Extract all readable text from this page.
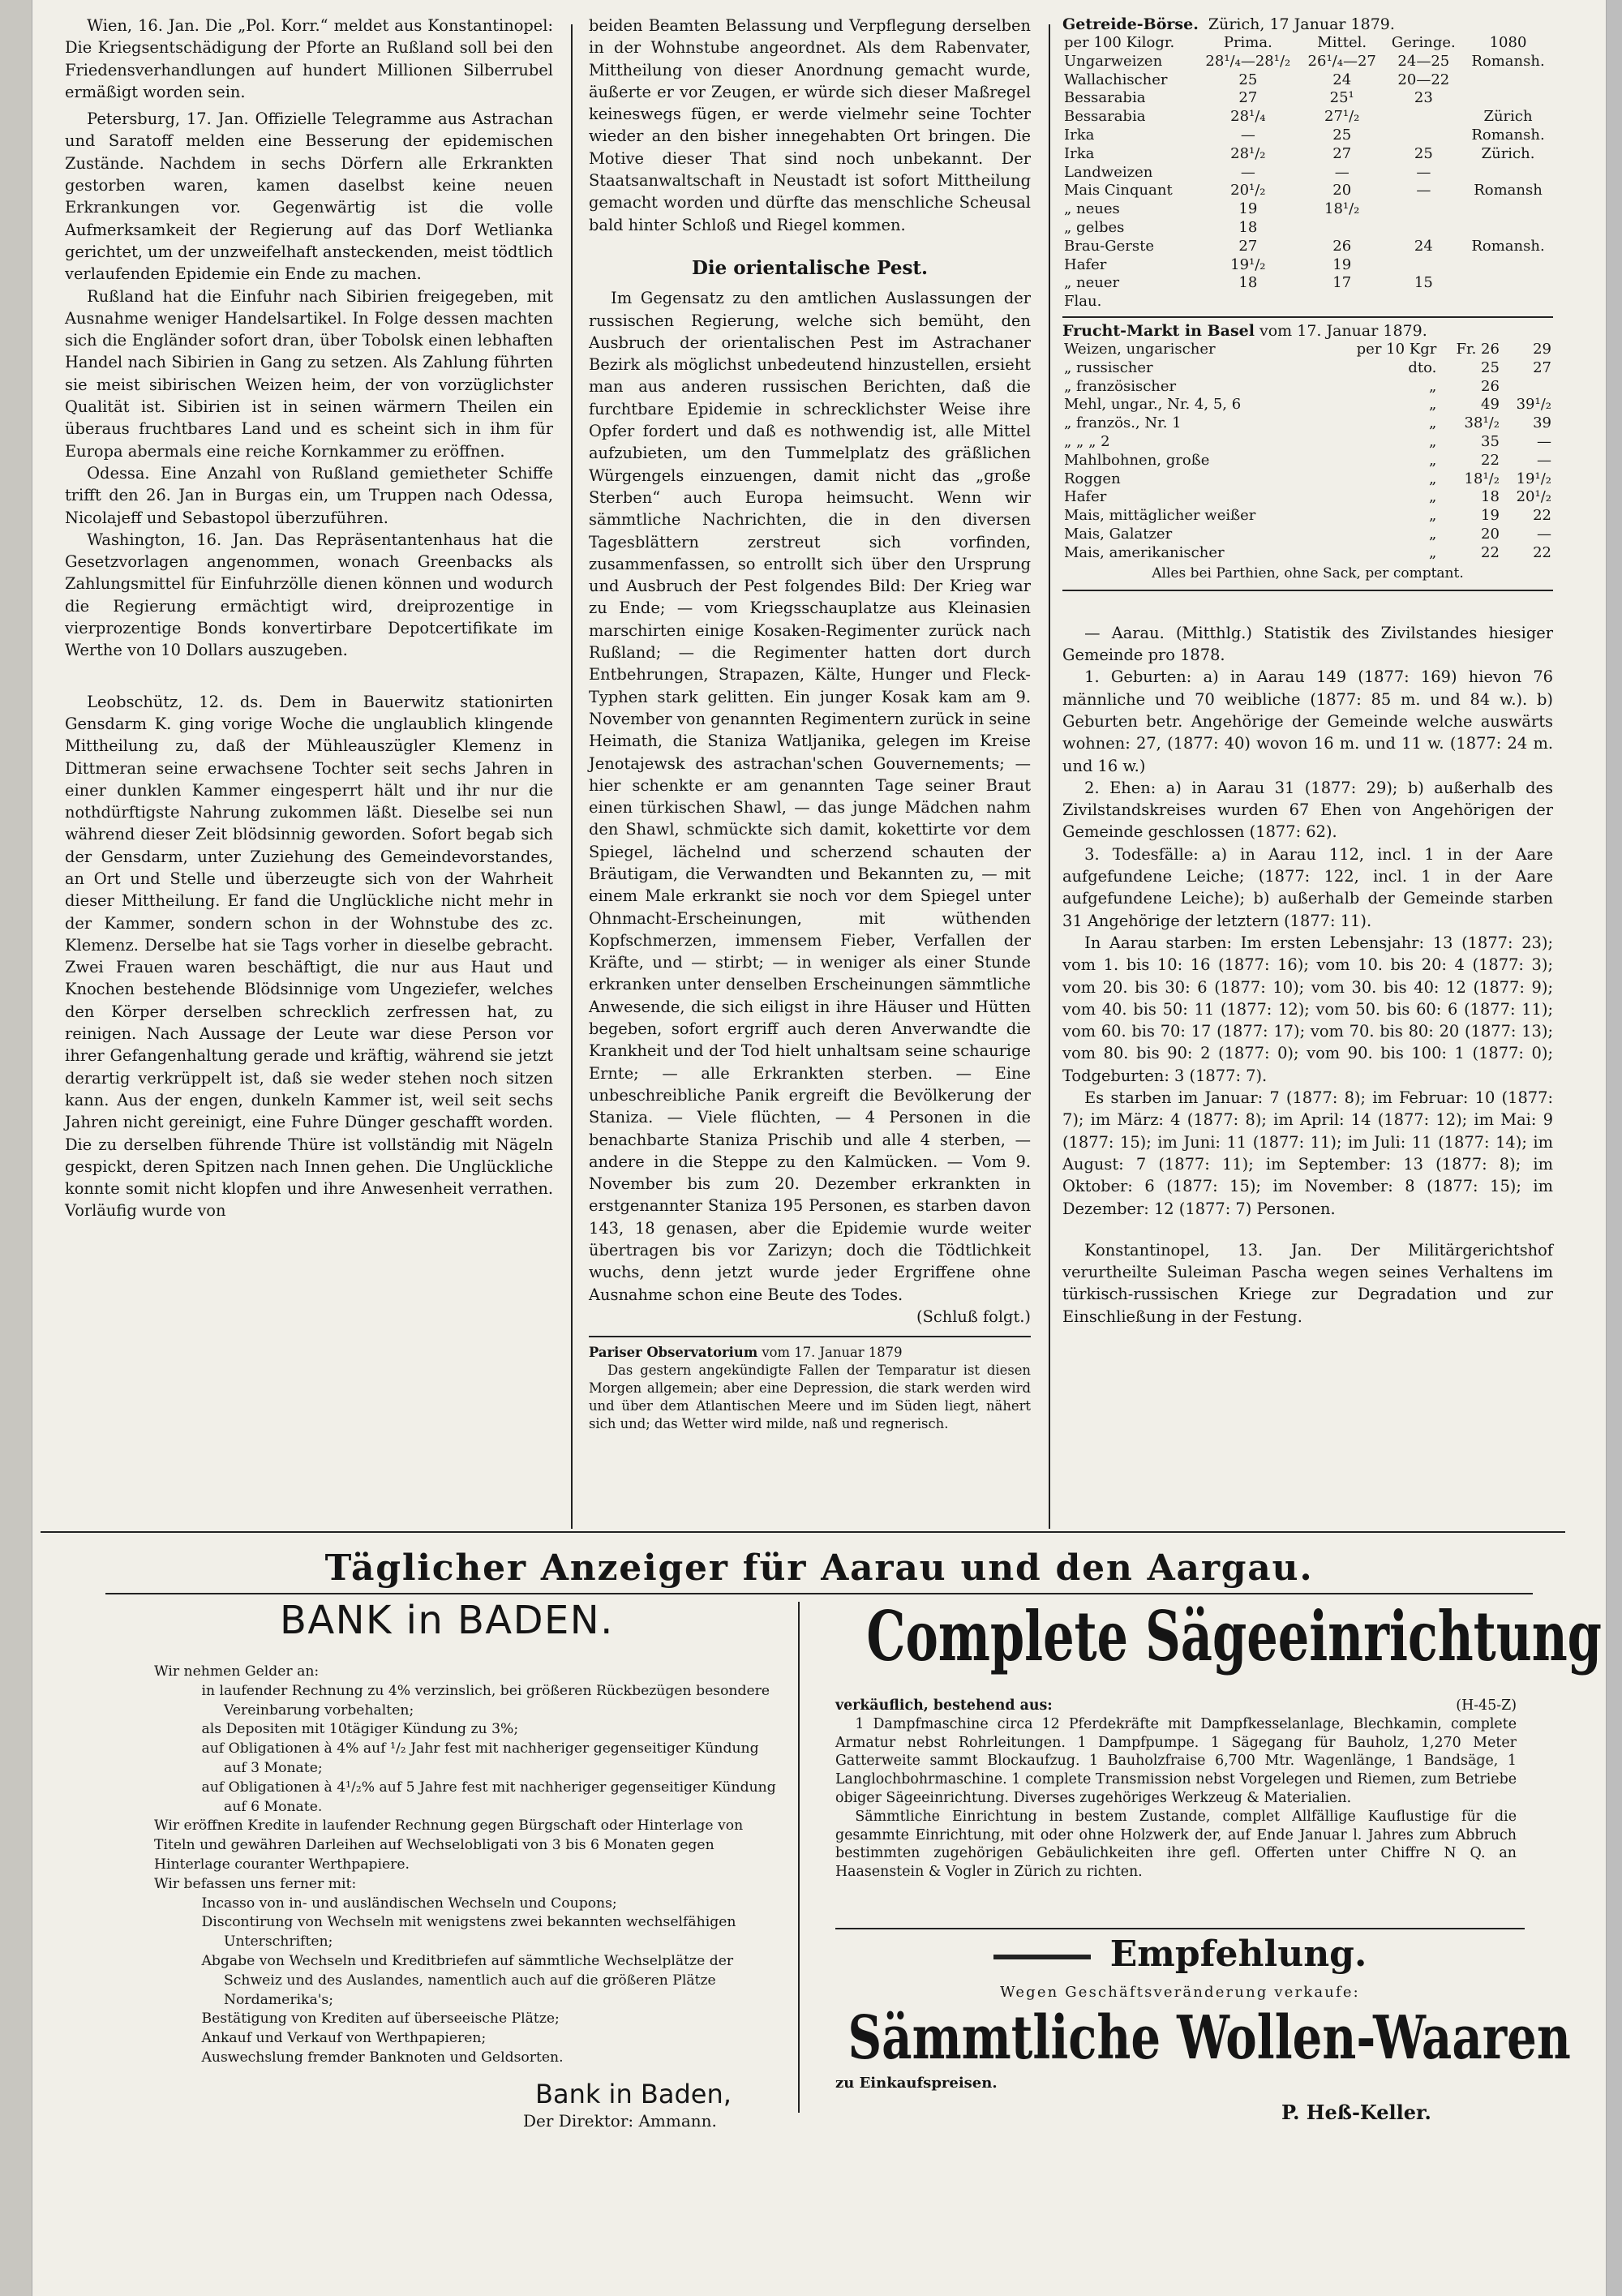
Wien, 16. Jan. Die „Pol. Korr.“ meldet aus Konstantinopel: Die Kriegsentschädigung der Pforte an Rußland soll bei den Friedensverhandlungen auf hundert Millionen Silberrubel ermäßigt worden sein.

Petersburg, 17. Jan. Offizielle Telegramme aus Astrachan und Saratoff melden eine Besserung der epidemischen Zustände. Nachdem in sechs Dörfern alle Erkrankten gestorben waren, kamen daselbst keine neuen Erkrankungen vor. Gegenwärtig ist die volle Aufmerksamkeit der Regierung auf das Dorf Wetlianka gerichtet, um der unzweifelhaft ansteckenden, meist tödtlich verlaufenden Epidemie ein Ende zu machen.

Rußland hat die Einfuhr nach Sibirien freigegeben, mit Ausnahme weniger Handelsartikel. In Folge dessen machten sich die Engländer sofort dran, über Tobolsk einen lebhaften Handel nach Sibirien in Gang zu setzen. Als Zahlung führten sie meist sibirischen Weizen heim, der von vorzüglichster Qualität ist. Sibirien ist in seinen wärmern Theilen ein überaus fruchtbares Land und es scheint sich in ihm für Europa abermals eine reiche Kornkammer zu eröffnen.

Odessa. Eine Anzahl von Rußland gemietheter Schiffe trifft den 26. Jan in Burgas ein, um Truppen nach Odessa, Nicolajeff und Sebastopol überzuführen.

Washington, 16. Jan. Das Repräsentantenhaus hat die Gesetzvorlagen angenommen, wonach Greenbacks als Zahlungsmittel für Einfuhrzölle dienen können und wodurch die Regierung ermächtigt wird, dreiprozentige in vierprozentige Bonds konvertirbare Depotcertifikate im Werthe von 10 Dollars auszugeben.

Leobschütz, 12. ds. Dem in Bauerwitz stationirten Gensdarm K. ging vorige Woche die unglaublich klingende Mittheilung zu, daß der Mühleauszügler Klemenz in Dittmeran seine erwachsene Tochter seit sechs Jahren in einer dunklen Kammer eingesperrt hält und ihr nur die nothdürftigste Nahrung zukommen läßt. Dieselbe sei nun während dieser Zeit blödsinnig geworden. Sofort begab sich der Gensdarm, unter Zuziehung des Gemeindevorstandes, an Ort und Stelle und überzeugte sich von der Wahrheit dieser Mittheilung. Er fand die Unglückliche nicht mehr in der Kammer, sondern schon in der Wohnstube des zc. Klemenz. Derselbe hat sie Tags vorher in dieselbe gebracht. Zwei Frauen waren beschäftigt, die nur aus Haut und Knochen bestehende Blödsinnige vom Ungeziefer, welches den Körper derselben schrecklich zerfressen hat, zu reinigen. Nach Aussage der Leute war diese Person vor ihrer Gefangenhaltung gerade und kräftig, während sie jetzt derartig verkrüppelt ist, daß sie weder stehen noch sitzen kann. Aus der engen, dunkeln Kammer ist, weil seit sechs Jahren nicht gereinigt, eine Fuhre Dünger geschafft worden. Die zu derselben führende Thüre ist vollständig mit Nägeln gespickt, deren Spitzen nach Innen gehen. Die Unglückliche konnte somit nicht klopfen und ihre Anwesenheit verrathen. Vorläufig wurde von

beiden Beamten Belassung und Verpflegung derselben in der Wohnstube angeordnet. Als dem Rabenvater, Mittheilung von dieser Anordnung gemacht wurde, äußerte er vor Zeugen, er würde sich dieser Maßregel keineswegs fügen, er werde vielmehr seine Tochter wieder an den bisher innegehabten Ort bringen. Die Motive dieser That sind noch unbekannt. Der Staatsanwaltschaft in Neustadt ist sofort Mittheilung gemacht worden und dürfte das menschliche Scheusal bald hinter Schloß und Riegel kommen.

Die orientalische Pest.

Im Gegensatz zu den amtlichen Auslassungen der russischen Regierung, welche sich bemüht, den Ausbruch der orientalischen Pest im Astrachaner Bezirk als möglichst unbedeutend hinzustellen, ersieht man aus anderen russischen Berichten, daß die furchtbare Epidemie in schrecklichster Weise ihre Opfer fordert und daß es nothwendig ist, alle Mittel aufzubieten, um den Tummelplatz des gräßlichen Würgengels einzuengen, damit nicht das „große Sterben“ auch Europa heimsucht. Wenn wir sämmtliche Nachrichten, die in den diversen Tagesblättern zerstreut sich vorfinden, zusammenfassen, so entrollt sich über den Ursprung und Ausbruch der Pest folgendes Bild: Der Krieg war zu Ende; — vom Kriegsschauplatze aus Kleinasien marschirten einige Kosaken-Regimenter zurück nach Rußland; — die Regimenter hatten dort durch Entbehrungen, Strapazen, Kälte, Hunger und Fleck-Typhen stark gelitten. Ein junger Kosak kam am 9. November von genannten Regimentern zurück in seine Heimath, die Staniza Watljanika, gelegen im Kreise Jenotajewsk des astrachan'schen Gouvernements; — hier schenkte er am genannten Tage seiner Braut einen türkischen Shawl, — das junge Mädchen nahm den Shawl, schmückte sich damit, kokettirte vor dem Spiegel, lächelnd und scherzend schauten der Bräutigam, die Verwandten und Bekannten zu, — mit einem Male erkrankt sie noch vor dem Spiegel unter Ohnmacht-Erscheinungen, mit wüthenden Kopfschmerzen, immensem Fieber, Verfallen der Kräfte, und — stirbt; — in weniger als einer Stunde erkranken unter denselben Erscheinungen sämmtliche Anwesende, die sich eiligst in ihre Häuser und Hütten begeben, sofort ergriff auch deren Anverwandte die Krankheit und der Tod hielt unhaltsam seine schaurige Ernte; — alle Erkrankten sterben. — Eine unbeschreibliche Panik ergreift die Bevölkerung der Staniza. — Viele flüchten, — 4 Personen in die benachbarte Staniza Prischib und alle 4 sterben, — andere in die Steppe zu den Kalmücken. — Vom 9. November bis zum 20. Dezember erkrankten in erstgenannter Staniza 195 Personen, es starben davon 143, 18 genasen, aber die Epidemie wurde weiter übertragen bis vor Zarizyn; doch die Tödtlichkeit wuchs, denn jetzt wurde jeder Ergriffene ohne Ausnahme schon eine Beute des Todes.

(Schluß folgt.)
Pariser Observatorium vom 17. Januar 1879
Das gestern angekündigte Fallen der Temparatur ist diesen Morgen allgemein; aber eine Depression, die stark werden wird und über dem Atlantischen Meere und im Süden liegt, nähert sich und; das Wetter wird milde, naß und regnerisch.
Getreide-Börse. Zürich, 17 Januar 1879.
per 100 Kilogr.	Prima.	Mittel.	Geringe.	1080
Ungarweizen	28¹/₄—28¹/₂	26¹/₄—27	24—25	Romansh.
Wallachischer	25	24	20—22	
Bessarabia	27	25¹	23	
Bessarabia	28¹/₄	27¹/₂		Zürich
Irka	—	25		Romansh.
Irka	28¹/₂	27	25	Zürich.
Landweizen	—	—	—	
Mais Cinquant	20¹/₂	20	—	Romansh
„ neues	19	18¹/₂		
„ gelbes	18			
Brau-Gerste	27	26	24	Romansh.
Hafer	19¹/₂	19		
„ neuer	18	17	15	
Flau.				
Frucht-Markt in Basel vom 17. Januar 1879.
Weizen, ungarischer	per 10 Kgr	Fr. 26	29
„ russischer	dto.	25	27
„ französischer	„	26	
Mehl, ungar., Nr. 4, 5, 6	„	49	39¹/₂
„ französ., Nr. 1	„	38¹/₂	39
„ „ „ 2	„	35	—
Mahlbohnen, große	„	22	—
Roggen	„	18¹/₂	19¹/₂
Hafer	„	18	20¹/₂
Mais, mittäglicher weißer	„	19	22
Mais, Galatzer	„	20	—
Mais, amerikanischer	„	22	22
Alles bei Parthien, ohne Sack, per comptant.

— Aarau. (Mitthlg.) Statistik des Zivilstandes hiesiger Gemeinde pro 1878.

1. Geburten: a) in Aarau 149 (1877: 169) hievon 76 männliche und 70 weibliche (1877: 85 m. und 84 w.). b) Geburten betr. Angehörige der Gemeinde welche auswärts wohnen: 27, (1877: 40) wovon 16 m. und 11 w. (1877: 24 m. und 16 w.)

2. Ehen: a) in Aarau 31 (1877: 29); b) außerhalb des Zivilstandskreises wurden 67 Ehen von Angehörigen der Gemeinde geschlossen (1877: 62).

3. Todesfälle: a) in Aarau 112, incl. 1 in der Aare aufgefundene Leiche; (1877: 122, incl. 1 in der Aare aufgefundene Leiche); b) außerhalb der Gemeinde starben 31 Angehörige der letztern (1877: 11).

In Aarau starben: Im ersten Lebensjahr: 13 (1877: 23); vom 1. bis 10: 16 (1877: 16); vom 10. bis 20: 4 (1877: 3); vom 20. bis 30: 6 (1877: 10); vom 30. bis 40: 12 (1877: 9); vom 40. bis 50: 11 (1877: 12); vom 50. bis 60: 6 (1877: 11); vom 60. bis 70: 17 (1877: 17); vom 70. bis 80: 20 (1877: 13); vom 80. bis 90: 2 (1877: 0); vom 90. bis 100: 1 (1877: 0); Todgeburten: 3 (1877: 7).

Es starben im Januar: 7 (1877: 8); im Februar: 10 (1877: 7); im März: 4 (1877: 8); im April: 14 (1877: 12); im Mai: 9 (1877: 15); im Juni: 11 (1877: 11); im Juli: 11 (1877: 14); im August: 7 (1877: 11); im September: 13 (1877: 8); im Oktober: 6 (1877: 15); im November: 8 (1877: 15); im Dezember: 12 (1877: 7) Personen.

Konstantinopel, 13. Jan. Der Militärgerichtshof verurtheilte Suleiman Pascha wegen seines Verhaltens im türkisch-russischen Kriege zur Degradation und zur Einschließung in der Festung.

Täglicher Anzeiger für Aarau und den Aargau.
BANK in BADEN.

Wir nehmen Gelder an:

in laufender Rechnung zu 4% verzinslich, bei größeren Rückbezügen besondere Vereinbarung vorbehalten;

als Depositen mit 10tägiger Kündung zu 3%;

auf Obligationen à 4% auf ¹/₂ Jahr fest mit nachheriger gegenseitiger Kündung auf 3 Monate;

auf Obligationen à 4¹/₂% auf 5 Jahre fest mit nachheriger gegenseitiger Kündung auf 6 Monate.

Wir eröffnen Kredite in laufender Rechnung gegen Bürgschaft oder Hinterlage von Titeln und gewähren Darleihen auf Wechselobligati von 3 bis 6 Monaten gegen Hinterlage couranter Werthpapiere.

Wir befassen uns ferner mit:

Incasso von in- und ausländischen Wechseln und Coupons;

Discontirung von Wechseln mit wenigstens zwei bekannten wechselfähigen Unterschriften;

Abgabe von Wechseln und Kreditbriefen auf sämmtliche Wechselplätze der Schweiz und des Auslandes, namentlich auch auf die größeren Plätze Nordamerika's;

Bestätigung von Krediten auf überseeische Plätze;

Ankauf und Verkauf von Werthpapieren;

Auswechslung fremder Banknoten und Geldsorten.

Bank in Baden,
Der Direktor: Ammann.
Complete Sägeeinrichtung

verkäuflich, bestehend aus:	(H-45-Z)

1 Dampfmaschine circa 12 Pferdekräfte mit Dampfkesselanlage, Blechkamin, complete Armatur nebst Rohrleitungen. 1 Dampfpumpe. 1 Sägegang für Bauholz, 1,270 Meter Gatterweite sammt Blockaufzug. 1 Bauholzfraise 6,700 Mtr. Wagenlänge, 1 Bandsäge, 1 Langlochbohrmaschine. 1 complete Transmission nebst Vorgelegen und Riemen, zum Betriebe obiger Sägeeinrichtung. Diverses zugehöriges Werkzeug & Materialien.

Sämmtliche Einrichtung in bestem Zustande, complet Allfällige Kauflustige für die gesammte Einrichtung, mit oder ohne Holzwerk der, auf Ende Januar l. Jahres zum Abbruch bestimmten zugehörigen Gebäulichkeiten ihre gefl. Offerten unter Chiffre N Q. an Haasenstein & Vogler in Zürich zu richten.

Empfehlung.
Wegen Geschäftsveränderung verkaufe:
Sämmtliche Wollen-Waaren
zu Einkaufspreisen.
P. Heß-Keller.
